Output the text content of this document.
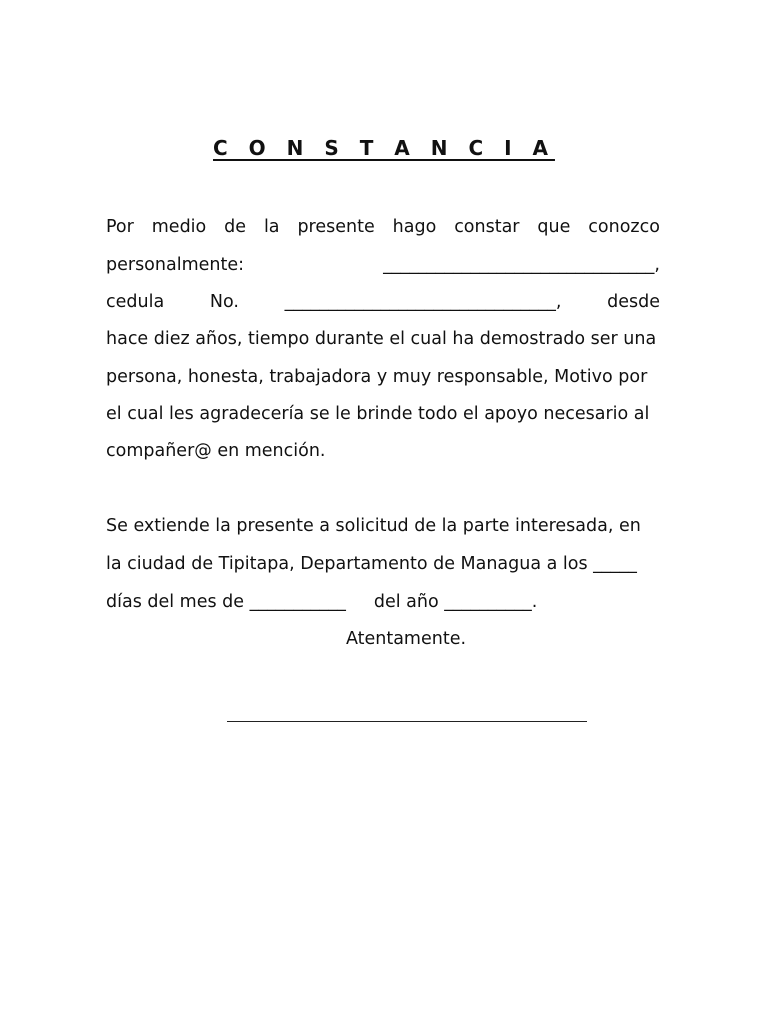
C O N S T A N C I A
Por medio de la presente hago constar que conozco
personalmente:	_______________________________,
cedula	No.	_______________________________,	desde
hace diez años, tiempo durante el cual ha demostrado ser una
persona, honesta, trabajadora y muy responsable, Motivo por
el cual les agradecería se le brinde todo el apoyo necesario al
compañer@ en mención.
Se extiende la presente a solicitud de la parte interesada, en
la ciudad de Tipitapa, Departamento de Managua a los _____
días del mes de ___________ del año __________.
Atentamente.
